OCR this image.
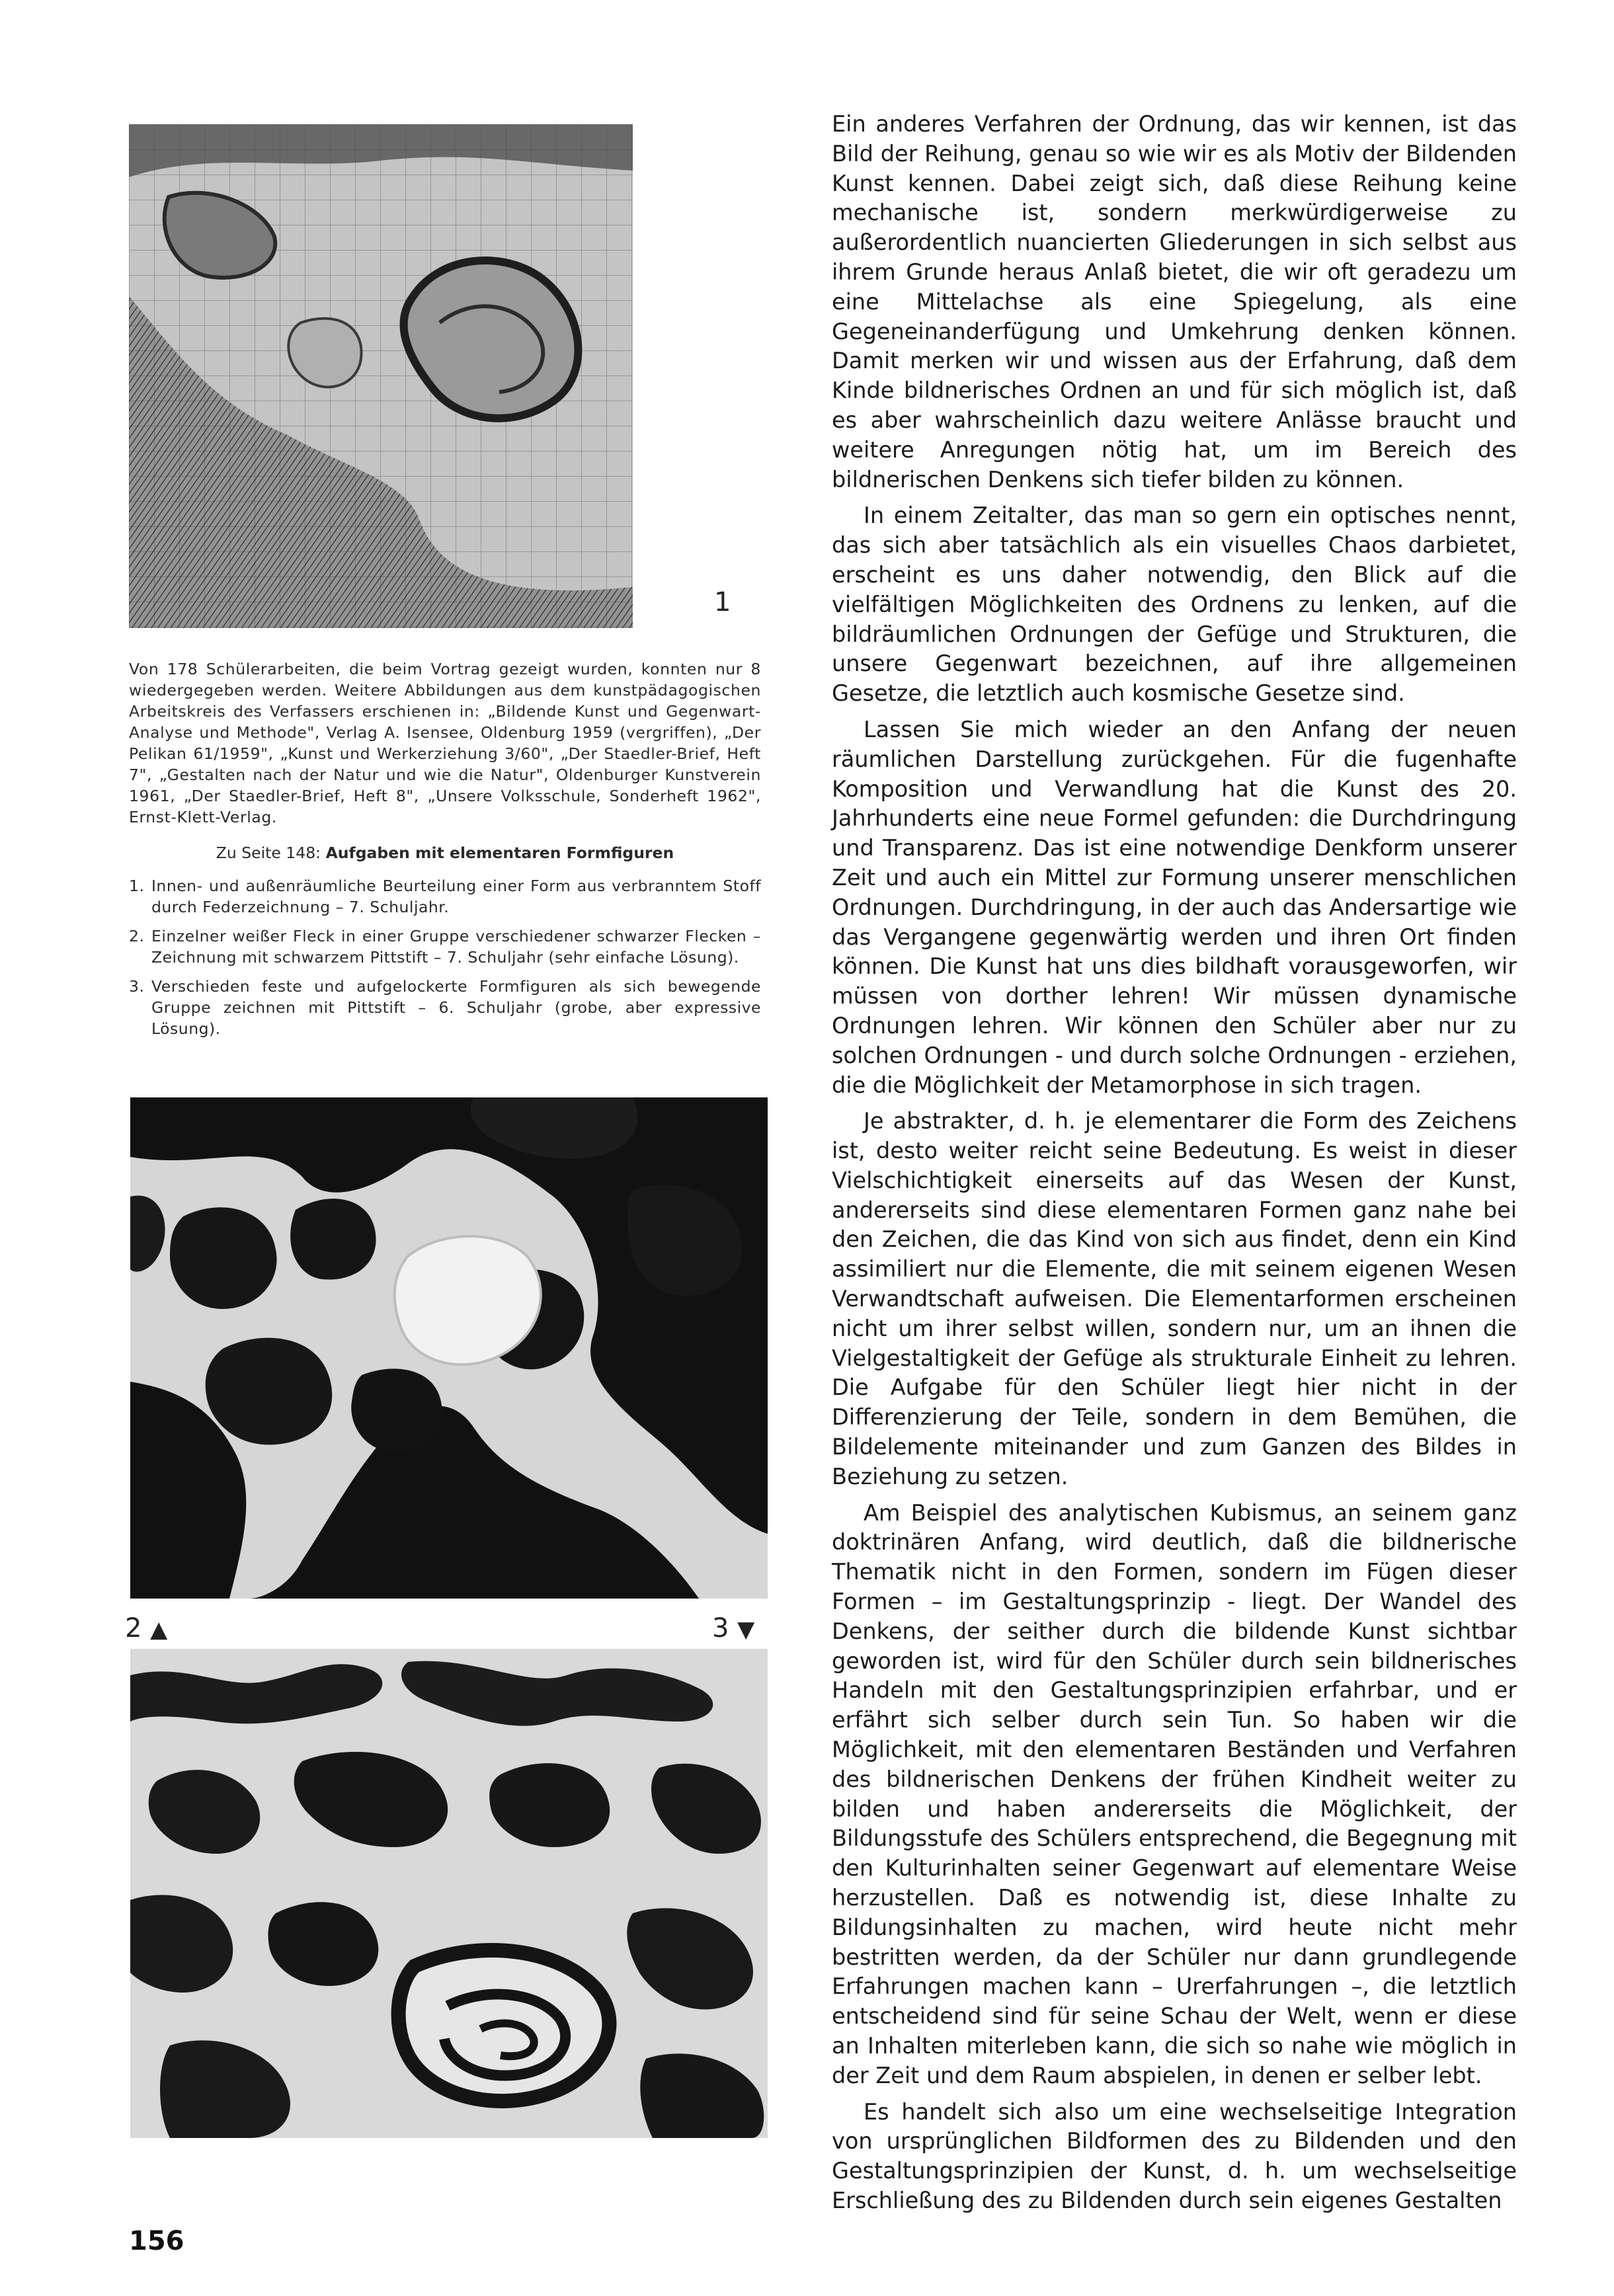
1
Von 178 Schülerarbeiten, die beim Vortrag gezeigt wurden, konnten nur 8 wiedergegeben werden. Weitere Abbildungen aus dem kunstpädagogischen Arbeitskreis des Verfassers erschienen in: „Bildende Kunst und Gegenwart-Analyse und Methode", Verlag A. Isensee, Oldenburg 1959 (vergriffen), „Der Pelikan 61/1959", „Kunst und Werkerziehung 3/60", „Der Staedler-Brief, Heft 7", „Gestalten nach der Natur und wie die Natur", Oldenburger Kunstverein 1961, „Der Staedler-Brief, Heft 8", „Unsere Volksschule, Sonderheft 1962", Ernst-Klett-Verlag.
Zu Seite 148: Aufgaben mit elementaren Formfiguren
1. Innen- und außenräumliche Beurteilung einer Form aus verbranntem Stoff durch Federzeichnung – 7. Schuljahr.
2. Einzelner weißer Fleck in einer Gruppe verschiedener schwarzer Flecken – Zeichnung mit schwarzem Pittstift – 7. Schuljahr (sehr einfache Lösung).
3. Verschieden feste und aufgelockerte Formfiguren als sich bewegende Gruppe zeichnen mit Pittstift – 6. Schuljahr (grobe, aber expressive Lösung).
2 ▲	3 ▼

Ein anderes Verfahren der Ordnung, das wir kennen, ist das Bild der Reihung, genau so wie wir es als Motiv der Bildenden Kunst kennen. Dabei zeigt sich, daß diese Reihung keine mechanische ist, sondern merkwürdigerweise zu außerordentlich nuancierten Gliederungen in sich selbst aus ihrem Grunde heraus Anlaß bietet, die wir oft geradezu um eine Mittelachse als eine Spiegelung, als eine Gegeneinanderfügung und Umkehrung denken können. Damit merken wir und wissen aus der Erfahrung, daß dem Kinde bildnerisches Ordnen an und für sich möglich ist, daß es aber wahrscheinlich dazu weitere Anlässe braucht und weitere Anregungen nötig hat, um im Bereich des bildnerischen Denkens sich tiefer bilden zu können.

In einem Zeitalter, das man so gern ein optisches nennt, das sich aber tatsächlich als ein visuelles Chaos darbietet, erscheint es uns daher notwendig, den Blick auf die vielfältigen Möglichkeiten des Ordnens zu lenken, auf die bildräumlichen Ordnungen der Gefüge und Strukturen, die unsere Gegenwart bezeichnen, auf ihre allgemeinen Gesetze, die letztlich auch kosmische Gesetze sind.

Lassen Sie mich wieder an den Anfang der neuen räumlichen Darstellung zurückgehen. Für die fugenhafte Komposition und Verwandlung hat die Kunst des 20. Jahrhunderts eine neue Formel gefunden: die Durchdringung und Transparenz. Das ist eine notwendige Denkform unserer Zeit und auch ein Mittel zur Formung unserer menschlichen Ordnungen. Durchdringung, in der auch das Andersartige wie das Vergangene gegenwärtig werden und ihren Ort finden können. Die Kunst hat uns dies bildhaft vorausgeworfen, wir müssen von dorther lehren! Wir müssen dynamische Ordnungen lehren. Wir können den Schüler aber nur zu solchen Ordnungen - und durch solche Ordnungen - erziehen, die die Möglichkeit der Metamorphose in sich tragen.

Je abstrakter, d. h. je elementarer die Form des Zeichens ist, desto weiter reicht seine Bedeutung. Es weist in dieser Vielschichtigkeit einerseits auf das Wesen der Kunst, andererseits sind diese elementaren Formen ganz nahe bei den Zeichen, die das Kind von sich aus findet, denn ein Kind assimiliert nur die Elemente, die mit seinem eigenen Wesen Verwandtschaft aufweisen. Die Elementarformen erscheinen nicht um ihrer selbst willen, sondern nur, um an ihnen die Vielgestaltigkeit der Gefüge als strukturale Einheit zu lehren. Die Aufgabe für den Schüler liegt hier nicht in der Differenzierung der Teile, sondern in dem Bemühen, die Bildelemente miteinander und zum Ganzen des Bildes in Beziehung zu setzen.

Am Beispiel des analytischen Kubismus, an seinem ganz doktrinären Anfang, wird deutlich, daß die bildnerische Thematik nicht in den Formen, sondern im Fügen dieser Formen – im Gestaltungsprinzip - liegt. Der Wandel des Denkens, der seither durch die bildende Kunst sichtbar geworden ist, wird für den Schüler durch sein bildnerisches Handeln mit den Gestaltungsprinzipien erfahrbar, und er erfährt sich selber durch sein Tun. So haben wir die Möglichkeit, mit den elementaren Beständen und Verfahren des bildnerischen Denkens der frühen Kindheit weiter zu bilden und haben andererseits die Möglichkeit, der Bildungsstufe des Schülers entsprechend, die Begegnung mit den Kulturinhalten seiner Gegenwart auf elementare Weise herzustellen. Daß es notwendig ist, diese Inhalte zu Bildungsinhalten zu machen, wird heute nicht mehr bestritten werden, da der Schüler nur dann grundlegende Erfahrungen machen kann – Urerfahrungen –, die letztlich entscheidend sind für seine Schau der Welt, wenn er diese an Inhalten miterleben kann, die sich so nahe wie möglich in der Zeit und dem Raum abspielen, in denen er selber lebt.

Es handelt sich also um eine wechselseitige Integration von ursprünglichen Bildformen des zu Bildenden und den Gestaltungsprinzipien der Kunst, d. h. um wechselseitige Erschließung des zu Bildenden durch sein eigenes Gestalten

156
